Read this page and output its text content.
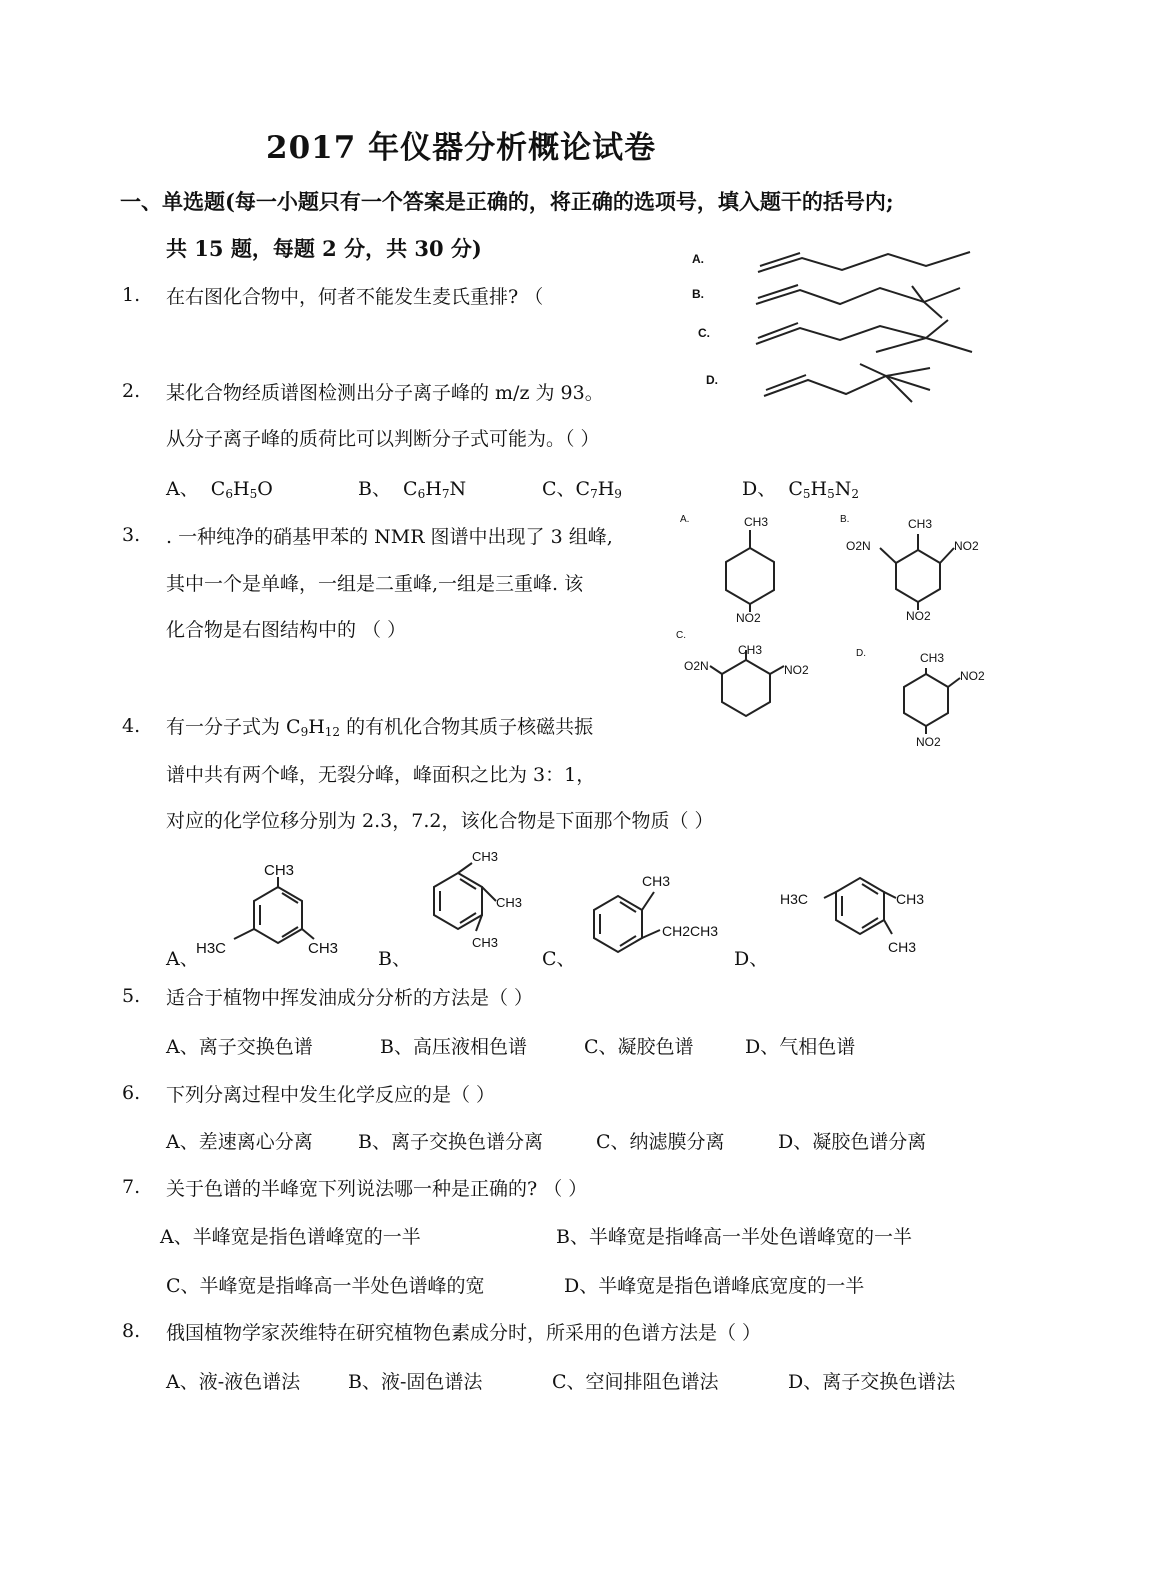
2017 年仪器分析概论试卷
一、单选题(每一小题只有一个答案是正确的，将正确的选项号，填入题干的括号内;
共 15 题，每题 2 分，共 30 分)
1. 在右图化合物中，何者不能发生麦氏重排? （
2. 某化合物经质谱图检测出分子离子峰的 m/z 为 93。
从分子离子峰的质荷比可以判断分子式可能为。（ ）
A、  $C_6H_5O$	B、  $C_6H_7N$	C、$C_7H_9$	D、  $C_5H_5N_2$
3. . 一种纯净的硝基甲苯的 NMR 图谱中出现了 3 组峰,
其中一个是单峰，一组是二重峰,一组是三重峰. 该
化合物是右图结构中的 （ ）
4. 有一分子式为 $C_9H_{12}$ 的有机化合物其质子核磁共振
谱中共有两个峰，无裂分峰，峰面积之比为 3：1，
对应的化学位移分别为 2.3，7.2，该化合物是下面那个物质（ ）
A、	B、	C、	D、
5. 适合于植物中挥发油成分分析的方法是（ ）
A、离子交换色谱	B、高压液相色谱	C、凝胶色谱	D、气相色谱
6. 下列分离过程中发生化学反应的是（ ）
A、差速离心分离 B、离子交换色谱分离	C、纳滤膜分离	D、凝胶色谱分离
7. 关于色谱的半峰宽下列说法哪一种是正确的? （ ）
A、半峰宽是指色谱峰宽的一半	B、半峰宽是指峰高一半处色谱峰宽的一半
C、半峰宽是指峰高一半处色谱峰的宽	D、半峰宽是指色谱峰底宽度的一半
8. 俄国植物学家茨维特在研究植物色素成分时，所采用的色谱方法是（ ）
A、液-液色谱法	B、液-固色谱法	C、空间排阻色谱法	D、离子交换色谱法
A.
B.
C.
D.
A.	B.
C.
D.
CH3
NO2
CH3
O2N	NO2
NO2
CH3
O2N	NO2
CH3
NO2
NO2
CH3
H3C	CH3
CH3
CH3
CH3
CH3
CH2CH3
H3C	CH3
CH3
